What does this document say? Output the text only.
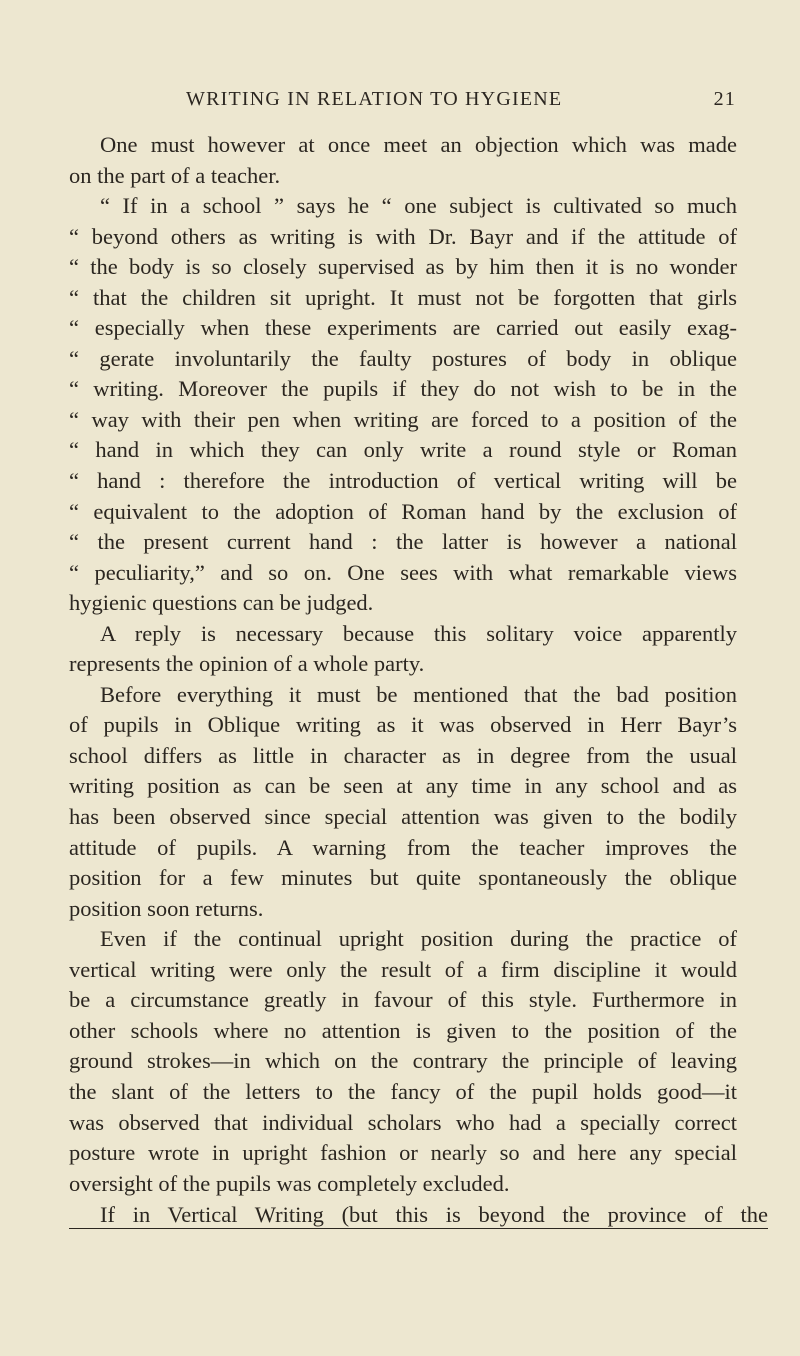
WRITING IN RELATION TO HYGIENE	21
One must however at once meet an objection which was made
on the part of a teacher.
“ If in a school ” says he “ one subject is cultivated so much
“ beyond others as writing is with Dr. Bayr and if the attitude of
“ the body is so closely supervised as by him then it is no wonder
“ that the children sit upright. It must not be forgotten that girls
“ especially when these experiments are carried out easily exag-
“ gerate involuntarily the faulty postures of body in oblique
“ writing. Moreover the pupils if they do not wish to be in the
“ way with their pen when writing are forced to a position of the
“ hand in which they can only write a round style or Roman
“ hand : therefore the introduction of vertical writing will be
“ equivalent to the adoption of Roman hand by the exclusion of
“ the present current hand : the latter is however a national
“ peculiarity,” and so on. One sees with what remarkable views
hygienic questions can be judged.
A reply is necessary because this solitary voice apparently
represents the opinion of a whole party.
Before everything it must be mentioned that the bad position
of pupils in Oblique writing as it was observed in Herr Bayr’s
school differs as little in character as in degree from the usual
writing position as can be seen at any time in any school and as
has been observed since special attention was given to the bodily
attitude of pupils. A warning from the teacher improves the
position for a few minutes but quite spontaneously the oblique
position soon returns.
Even if the continual upright position during the practice of
vertical writing were only the result of a firm discipline it would
be a circumstance greatly in favour of this style. Furthermore in
other schools where no attention is given to the position of the
ground strokes—in which on the contrary the principle of leaving
the slant of the letters to the fancy of the pupil holds good—it
was observed that individual scholars who had a specially correct
posture wrote in upright fashion or nearly so and here any special
oversight of the pupils was completely excluded.
If in Vertical Writing (but this is beyond the province of the
